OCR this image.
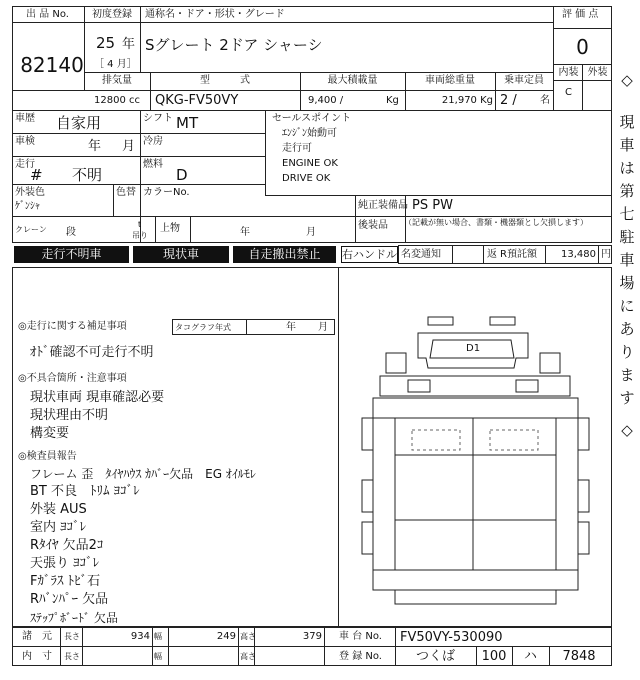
出 品 No.
82140
初度登録
25 年
［ 4 月］
通称名・ドア・形状・グレード
Sグレート 2ドア シャーシ
評 価 点
0
内装 外装
C
排気量	型　　　式	最大積載量	車両総重量	乗車定員
12800 cc QKG-FV50VY	9,400 /	Kg	21,970 Kg 2 / 名
車歴 自家用	シフト MT
車検	年 月 冷房
走行
# 不明
燃料
D
外装色
ｹﾞﾝｼｬ
色替 カラーNo.
クレーン 段
t
吊り
上物	年	月
セールスポイント
ｴﾝｼﾞﾝ始動可
走行可
ENGINE OK
DRIVE OK
純正装備品 PS PW
後装品 （記載が無い場合、書類・機器類とし欠損します）
走行不明車	現状車	自走搬出禁止	右ハンドル 名変通知	返 R預託額	13,480 円
◎走行に関する補足事項	タコグラフ年式	年 月
ｵﾄﾞ確認不可走行不明
◎不具合箇所・注意事項
現状車両 現車確認必要
現状理由不明
構変要
◎検査員報告
フレーム 歪　ﾀｲﾔﾊｳｽ ｶﾊﾞｰ欠品　EG ｵｲﾙﾓﾚ
BT 不良　ﾄﾘﾑ ﾖｺﾞﾚ
外装 AUS
室内 ﾖｺﾞﾚ
Rﾀｲﾔ 欠品2ｺ
天張り ﾖｺﾞﾚ
Fｶﾞﾗｽ ﾄﾋﾞ石
Rﾊﾞﾝﾊﾟｰ 欠品
ｽﾃｯﾌﾟﾎﾞｰﾄﾞ 欠品
D1
◇
現
車
は
第
七
駐
車
場
に
あ
り
ま
す
◇
諸　元	長さ	934 幅	249 高さ	379
内　寸	長さ	幅	高さ
車 台 No.	FV50VY-530090
登 録 No.	つくば	100	ハ	7848
